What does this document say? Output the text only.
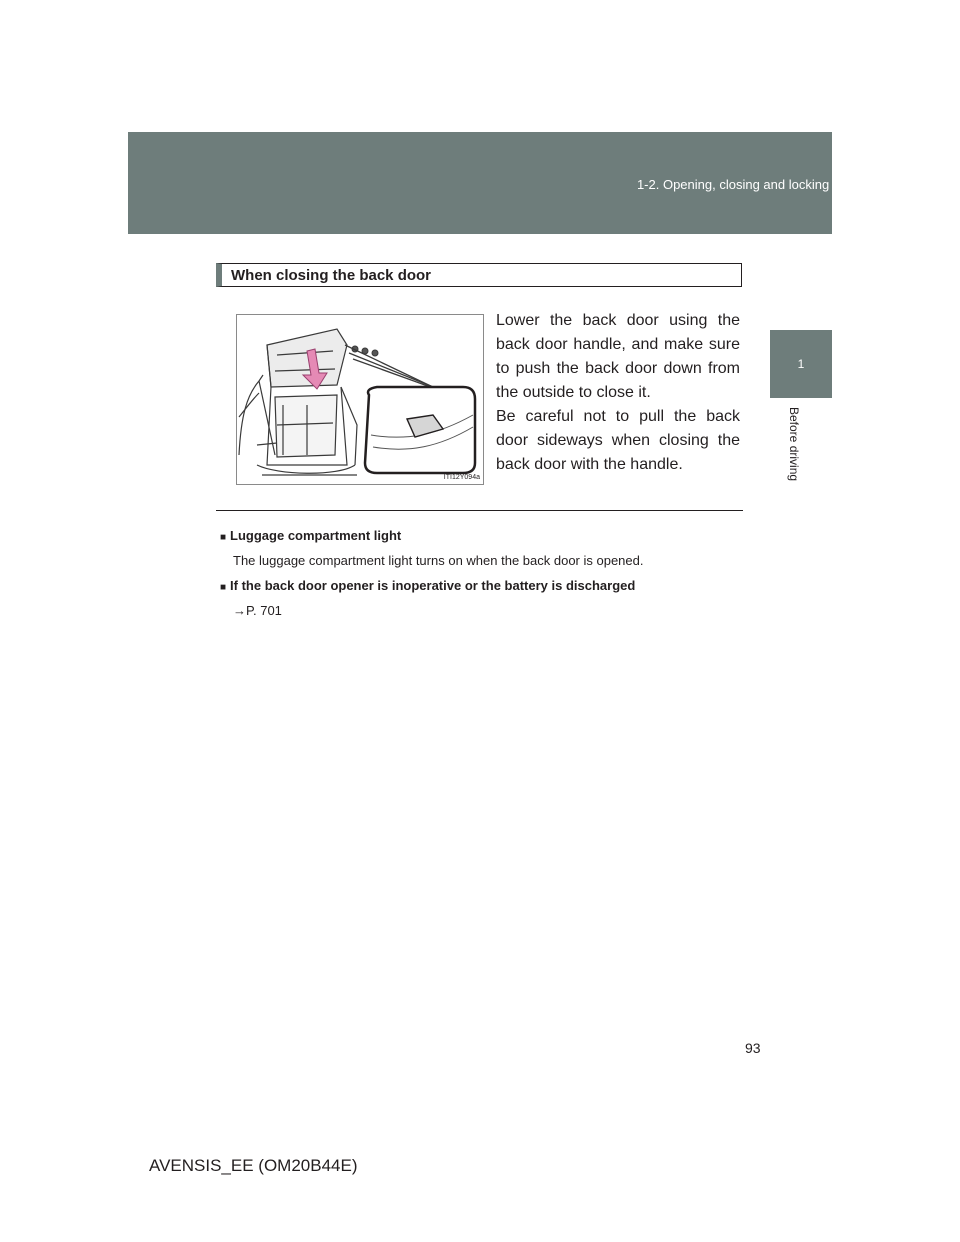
1-2. Opening, closing and locking the doors
1
Before driving
When closing the back door
ITI12Y094a

Lower the back door using the back door handle, and make sure to push the back door down from the outside to close it.

Be careful not to pull the back door sideways when closing the back door with the handle.

■ Luggage compartment light
The luggage compartment light turns on when the back door is opened.
■ If the back door opener is inoperative or the battery is discharged
→P. 701
93
AVENSIS_EE (OM20B44E)
